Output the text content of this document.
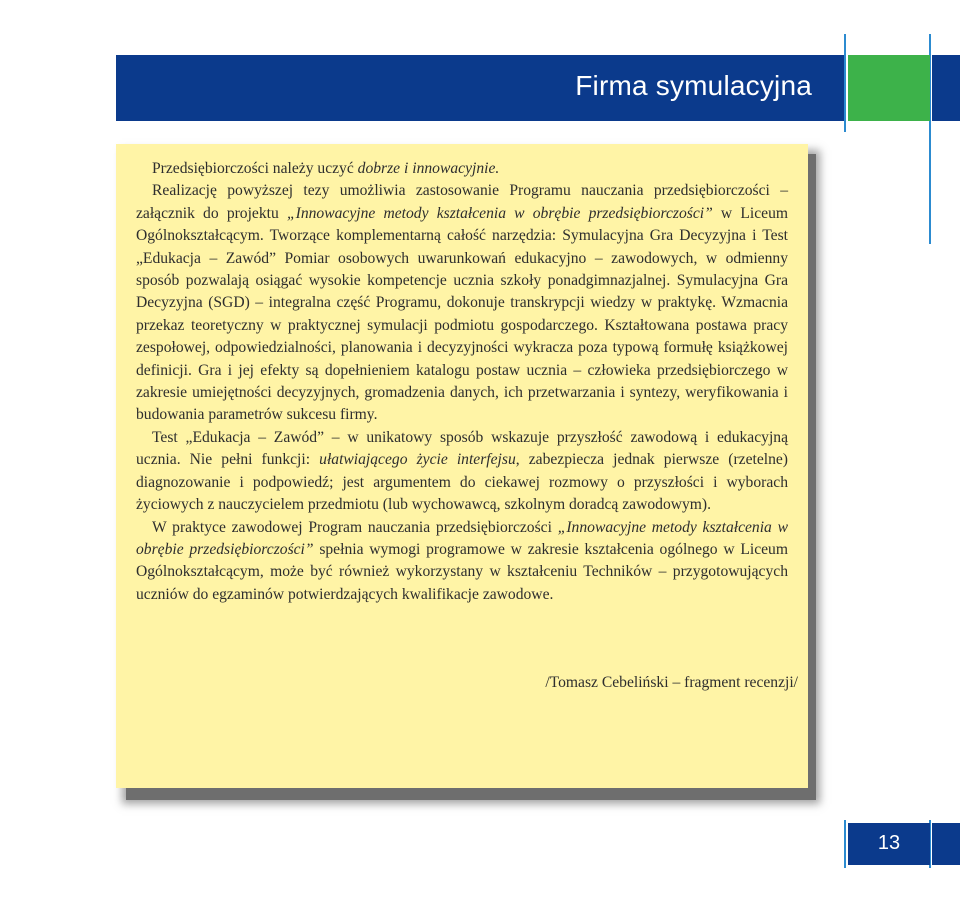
Firma symulacyjna

Przedsiębiorczości należy uczyć dobrze i innowacyjnie.

Realizację powyższej tezy umożliwia zastosowanie Programu nauczania przedsiębiorczości – załącznik do projektu „Innowacyjne metody kształcenia w obrębie przedsiębiorczości” w Liceum Ogólnokształcącym. Tworzące komplementarną całość narzędzia: Symulacyjna Gra Decyzyjna i Test „Edukacja – Zawód” Pomiar osobowych uwarunkowań edukacyjno – zawodowych, w odmienny sposób pozwalają osiągać wysokie kompetencje ucznia szkoły ponadgimnazjalnej. Symulacyjna Gra Decyzyjna (SGD) – integralna część Programu, dokonuje transkrypcji wiedzy w praktykę. Wzmacnia przekaz teoretyczny w praktycznej symulacji podmiotu gospodarczego. Kształtowana postawa pracy zespołowej, odpowiedzialności, planowania i decyzyjności wykracza poza typową formułę książkowej definicji. Gra i jej efekty są dopełnieniem katalogu postaw ucznia – człowieka przedsiębiorczego w zakresie umiejętności decyzyjnych, gromadzenia danych, ich przetwarzania i syntezy, weryfikowania i budowania parametrów sukcesu firmy.

Test „Edukacja – Zawód” – w unikatowy sposób wskazuje przyszłość zawodową i edukacyjną ucznia. Nie pełni funkcji: ułatwiającego życie interfejsu, zabezpiecza jednak pierwsze (rzetelne) diagnozowanie i podpowiedź; jest argumentem do ciekawej rozmowy o przyszłości i wyborach życiowych z nauczycielem przedmiotu (lub wychowawcą, szkolnym doradcą zawodowym).

W praktyce zawodowej Program nauczania przedsiębiorczości „Innowacyjne metody kształcenia w obrębie przedsiębiorczości” spełnia wymogi programowe w zakresie kształcenia ogólnego w Liceum Ogólnokształcącym, może być również wykorzystany w kształceniu Techników – przygotowujących uczniów do egzaminów potwierdzających kwalifikacje zawodowe.

/Tomasz Cebeliński – fragment recenzji/
13
